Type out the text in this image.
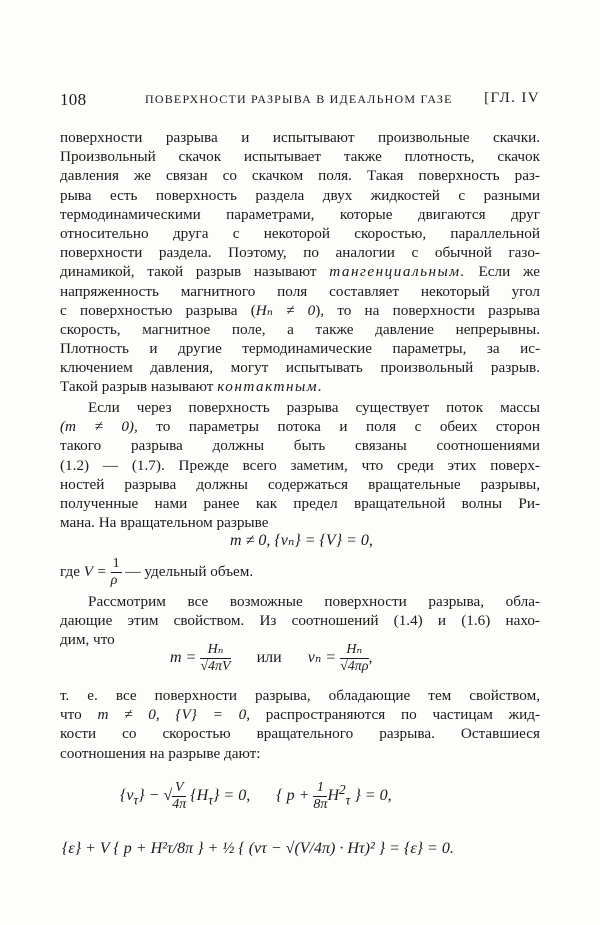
108	ПОВЕРХНОСТИ РАЗРЫВА В ИДЕАЛЬНОМ ГАЗЕ [ГЛ. IV
поверхности разрыва и испытывают произвольные скачки.
Произвольный скачок испытывает также плотность, скачок
давления же связан со скачком поля. Такая поверхность раз-
рыва есть поверхность раздела двух жидкостей с разными
термодинамическими параметрами, которые двигаются друг
относительно друга с некоторой скоростью, параллельной
поверхности раздела. Поэтому, по аналогии с обычной газо-
динамикой, такой разрыв называют тангенциальным. Если же
напряженность магнитного поля составляет некоторый угол
с поверхностью разрыва (Hₙ ≠ 0), то на поверхности разрыва
скорость, магнитное поле, а также давление непрерывны.
Плотность и другие термодинамические параметры, за ис-
ключением давления, могут испытывать произвольный разрыв.
Такой разрыв называют контактным.
Если через поверхность разрыва существует поток массы
(m ≠ 0), то параметры потока и поля с обеих сторон
такого разрыва должны быть связаны соотношениями
(1.2) — (1.7). Прежде всего заметим, что среди этих поверх-
ностей разрыва должны содержаться вращательные разрывы,
полученные нами ранее как предел вращательной волны Ри-
мана. На вращательном разрыве
m ≠ 0, {vₙ} = {V} = 0,
где $V = \frac{1}{\rho}$ — удельный объем.
Рассмотрим все возможные поверхности разрыва, обла-
дающие этим свойством. Из соотношений (1.4) и (1.6) нахо-
дим, что
$m = \frac{\text{Hₙ}}{√4\pi V}$ или $v_n = \frac{\text{Hₙ}}{√4\pi\rho}$ ,
т. е. все поверхности разрыва, обладающие тем свойством,
что m ≠ 0, {V} = 0, распространяются по частицам жид-
кости со скоростью вращательного разрыва. Оставшиеся
соотношения на разрыве дают:
$\{v_\tau\}$ − √ $\frac{V}{4\pi} \{H_\tau\} = 0$, { $p + \frac{1}{8\pi} H^2_\tau$ } = 0,
{ε} + V { p + H²τ/8π } + ½ { (vτ − √(V/4π) · Hτ)² } = {ε} = 0.
